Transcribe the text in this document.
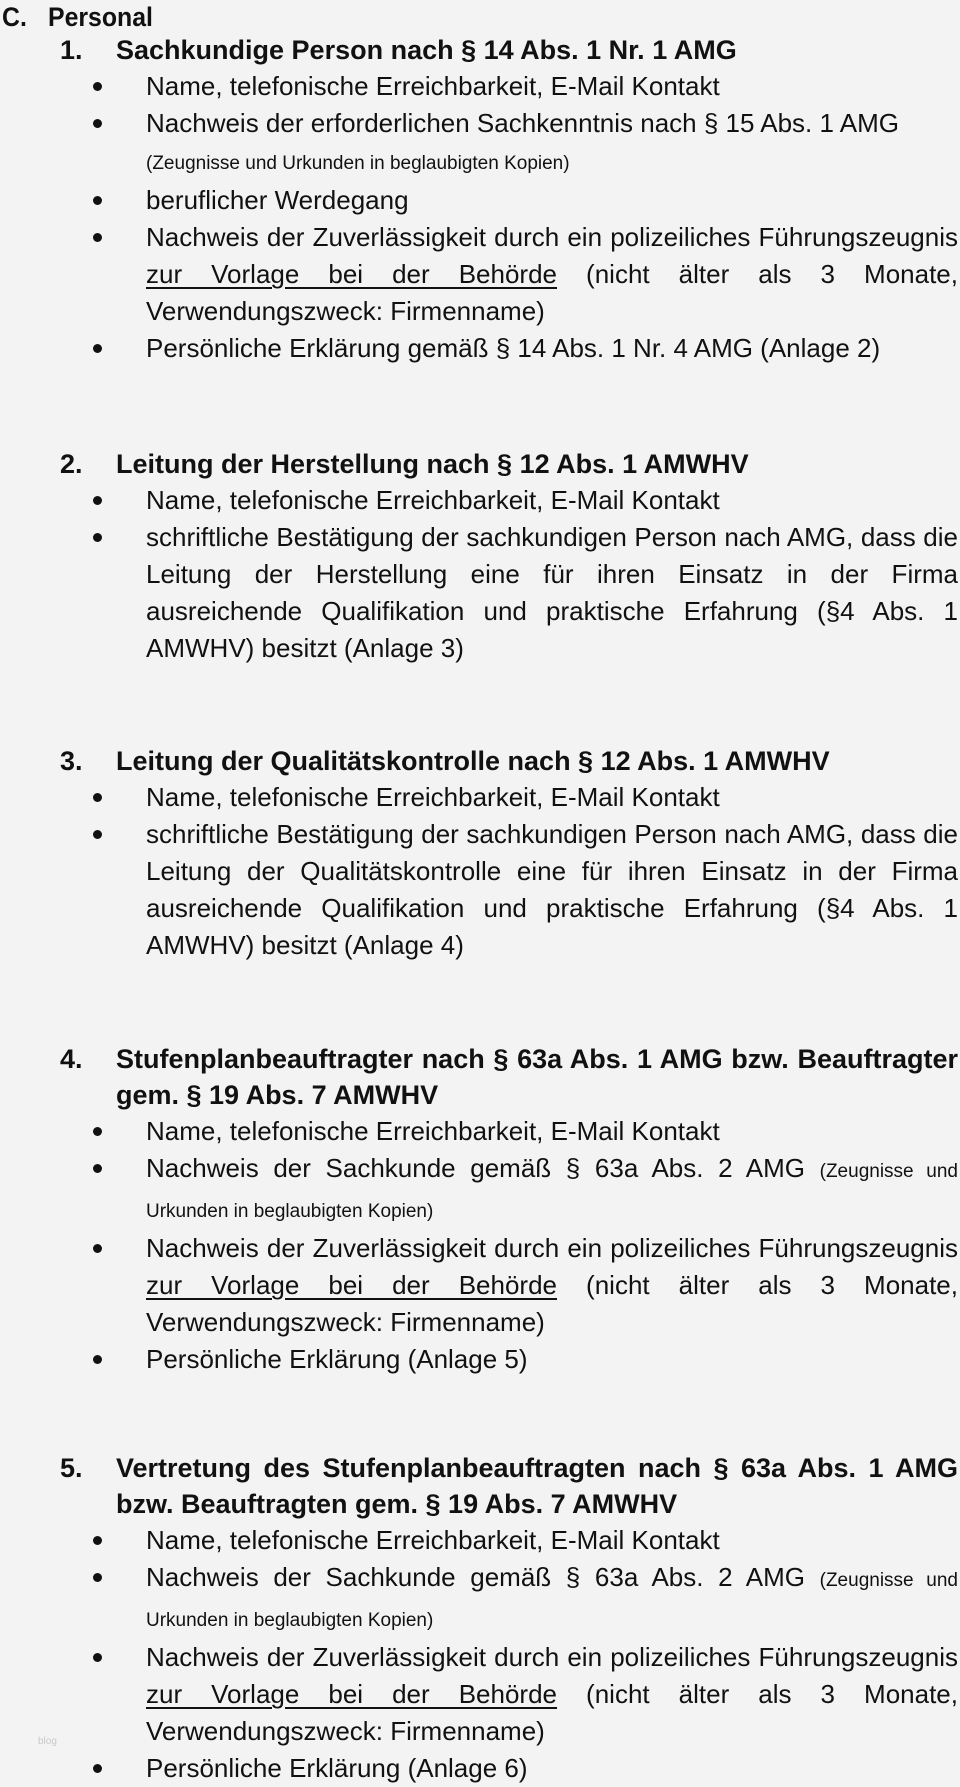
C. Personal
1.	Sachkundige Person nach § 14 Abs. 1 Nr. 1 AMG
Name, telefonische Erreichbarkeit, E-Mail Kontakt
Nachweis der erforderlichen Sachkenntnis nach § 15 Abs. 1 AMG
(Zeugnisse und Urkunden in beglaubigten Kopien)
beruflicher Werdegang
Nachweis der Zuverlässigkeit durch ein polizeiliches Führungszeugnis zur Vorlage bei der Behörde (nicht älter als 3 Monate, Verwendungszweck: Firmenname)
Persönliche Erklärung gemäß § 14 Abs. 1 Nr. 4 AMG (Anlage 2)
2.	Leitung der Herstellung nach § 12 Abs. 1 AMWHV
Name, telefonische Erreichbarkeit, E-Mail Kontakt
schriftliche Bestätigung der sachkundigen Person nach AMG, dass die Leitung der Herstellung eine für ihren Einsatz in der Firma ausreichende Qualifikation und praktische Erfahrung (§4 Abs. 1 AMWHV) besitzt (Anlage 3)
3.	Leitung der Qualitätskontrolle nach § 12 Abs. 1 AMWHV
Name, telefonische Erreichbarkeit, E-Mail Kontakt
schriftliche Bestätigung der sachkundigen Person nach AMG, dass die Leitung der Qualitätskontrolle eine für ihren Einsatz in der Firma ausreichende Qualifikation und praktische Erfahrung (§4 Abs. 1 AMWHV) besitzt (Anlage 4)
4.	Stufenplanbeauftragter nach § 63a Abs. 1 AMG bzw. Beauftragter gem. § 19 Abs. 7 AMWHV
Name, telefonische Erreichbarkeit, E-Mail Kontakt
Nachweis der Sachkunde gemäß § 63a Abs. 2 AMG (Zeugnisse und Urkunden in beglaubigten Kopien)
Nachweis der Zuverlässigkeit durch ein polizeiliches Führungszeugnis zur Vorlage bei der Behörde (nicht älter als 3 Monate, Verwendungszweck: Firmenname)
Persönliche Erklärung (Anlage 5)
5.	Vertretung des Stufenplanbeauftragten nach § 63a Abs. 1 AMG bzw. Beauftragten gem. § 19 Abs. 7 AMWHV
Name, telefonische Erreichbarkeit, E-Mail Kontakt
Nachweis der Sachkunde gemäß § 63a Abs. 2 AMG (Zeugnisse und Urkunden in beglaubigten Kopien)
Nachweis der Zuverlässigkeit durch ein polizeiliches Führungszeugnis zur Vorlage bei der Behörde (nicht älter als 3 Monate, Verwendungszweck: Firmenname)
Persönliche Erklärung (Anlage 6)
blog
